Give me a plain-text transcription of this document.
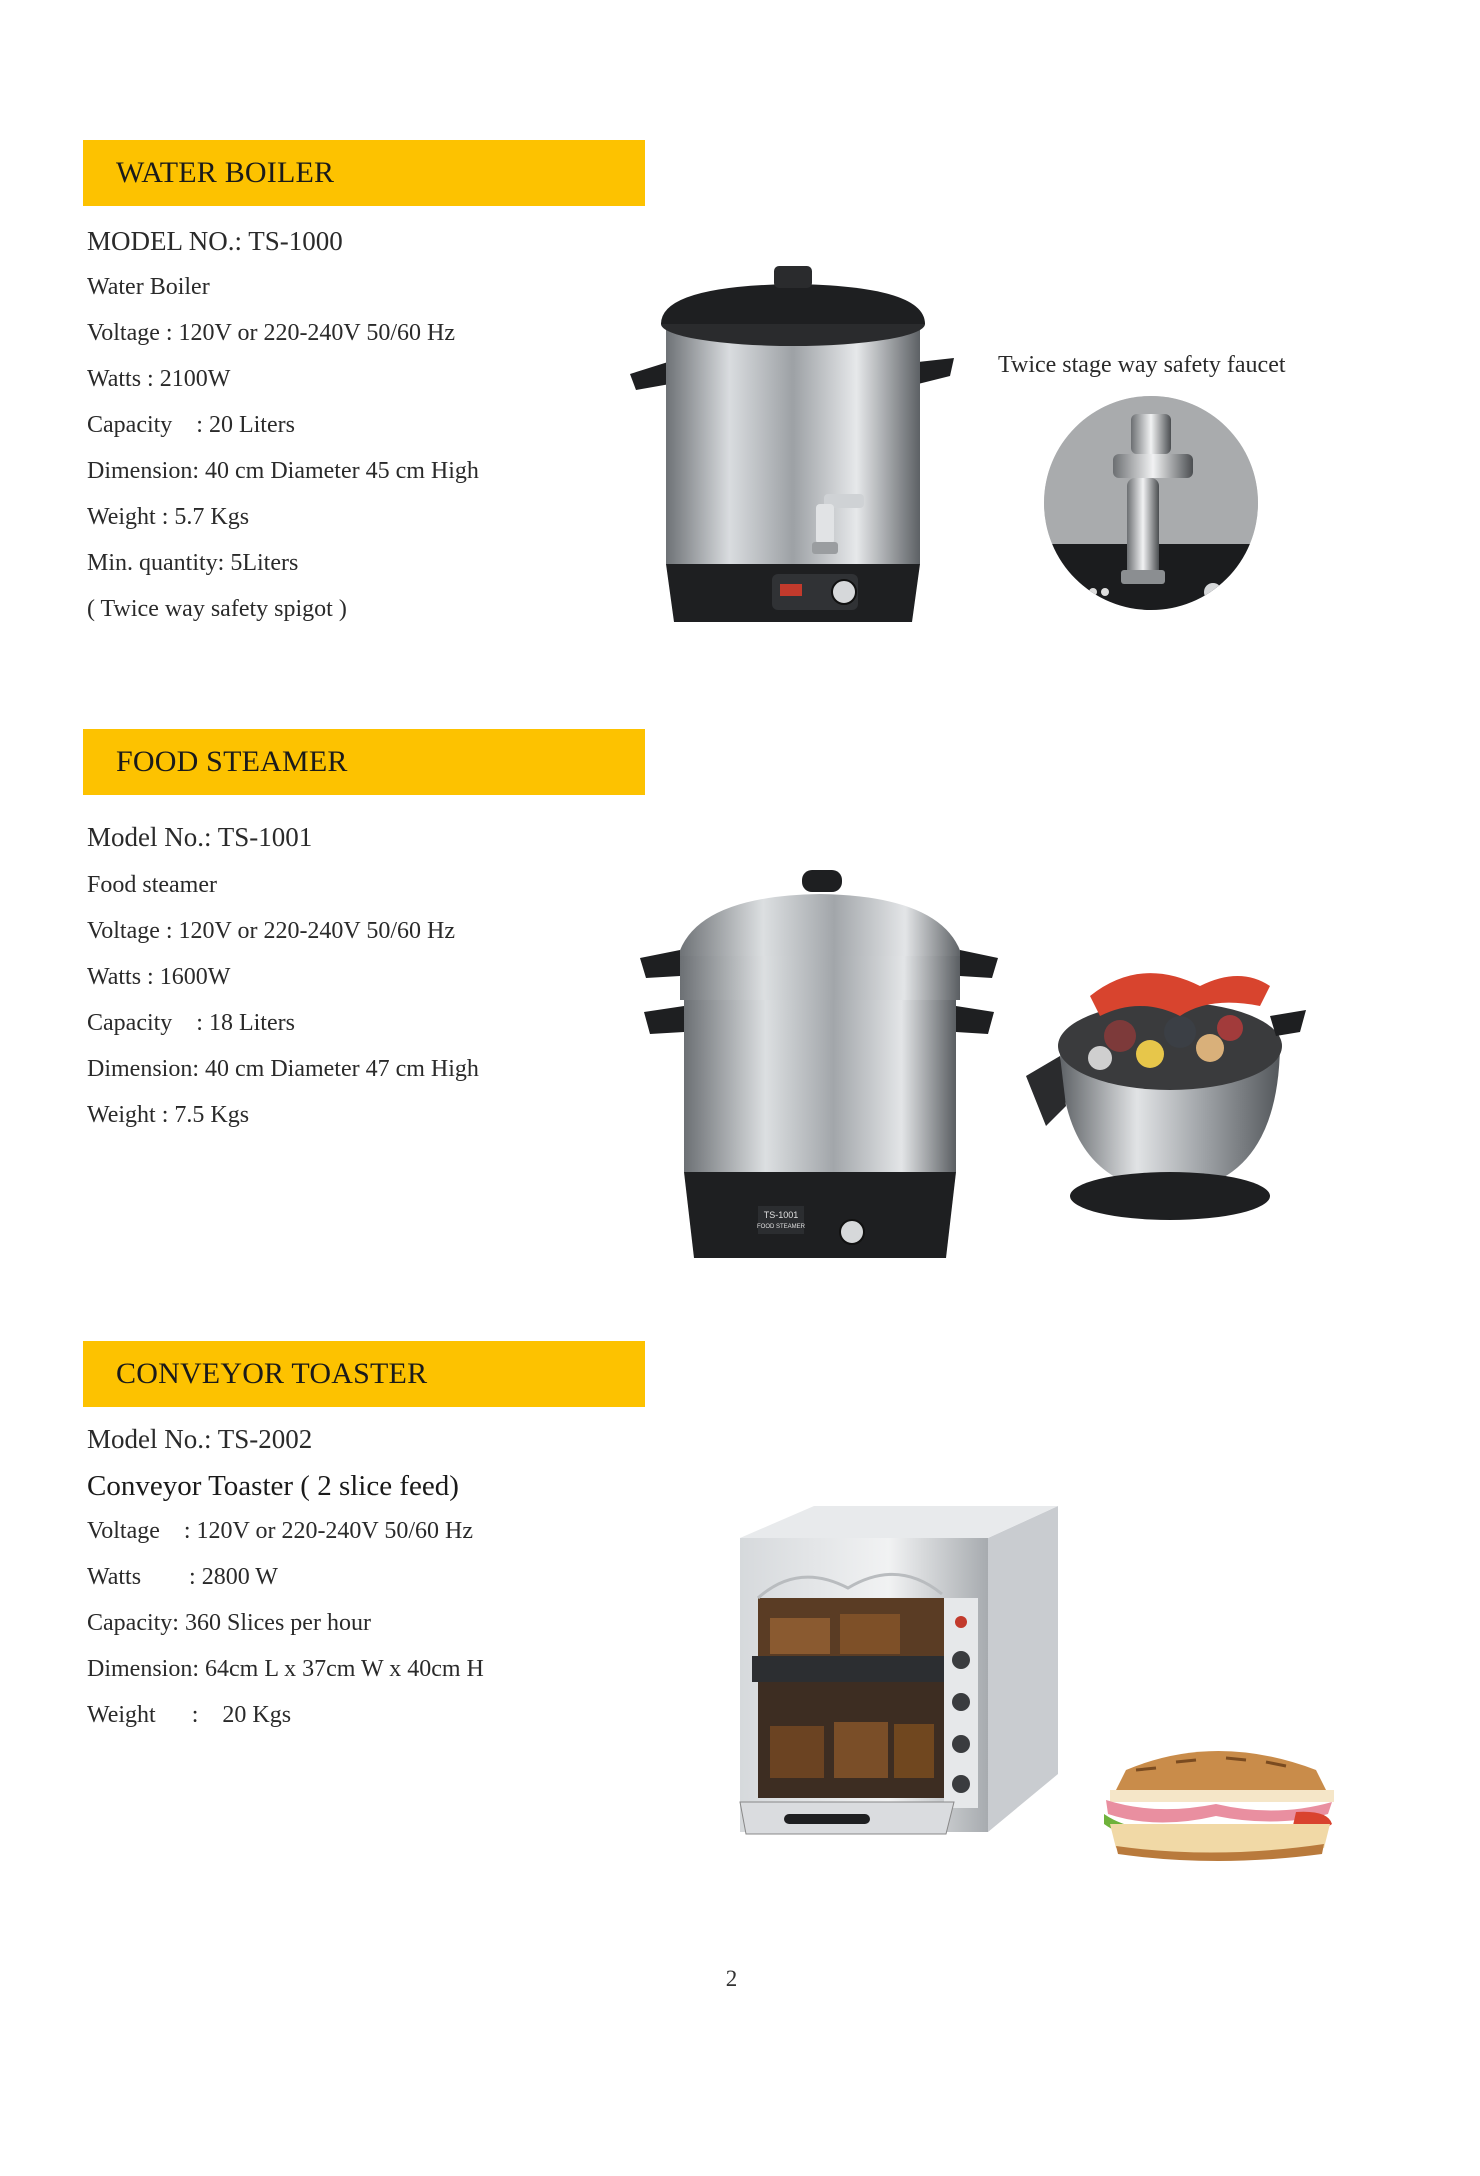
WATER BOILER
MODEL NO.: TS-1000
Water Boiler
Voltage : 120V or 220-240V 50/60 Hz
Watts : 2100W
Capacity    : 20 Liters
Dimension: 40 cm Diameter 45 cm High
Weight : 5.7 Kgs
Min. quantity: 5Liters
( Twice way safety spigot )
Twice stage way safety faucet
FOOD STEAMER
Model No.: TS-1001
Food steamer
Voltage : 120V or 220-240V 50/60 Hz
Watts : 1600W
Capacity    : 18 Liters
Dimension: 40 cm Diameter 47 cm High
Weight : 7.5 Kgs
TS-1001
FOOD STEAMER
CONVEYOR TOASTER
Model No.: TS-2002
Conveyor Toaster ( 2 slice feed)
Voltage    : 120V or 220-240V 50/60 Hz
Watts        : 2800 W
Capacity: 360 Slices per hour
Dimension: 64cm L x 37cm W x 40cm H
Weight      :    20 Kgs
2
